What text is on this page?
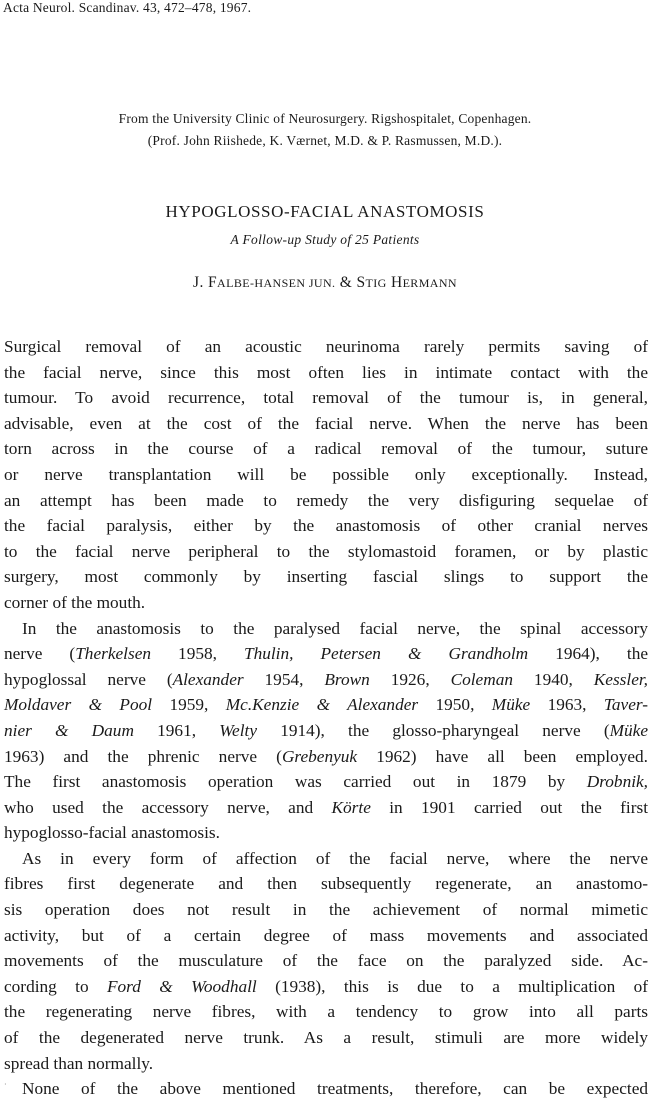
Acta Neurol. Scandinav. 43, 472–478, 1967.
From the University Clinic of Neurosurgery. Rigshospitalet, Copenhagen.
(Prof. John Riishede, K. Værnet, M.D. & P. Rasmussen, M.D.).
HYPOGLOSSO-FACIAL ANASTOMOSIS
A Follow-up Study of 25 Patients
J. FALBE-HANSEN JUN. & STIG HERMANN

Surgical removal of an acoustic neurinoma rarely permits saving of

the facial nerve, since this most often lies in intimate contact with the

tumour. To avoid recurrence, total removal of the tumour is, in general,

advisable, even at the cost of the facial nerve. When the nerve has been

torn across in the course of a radical removal of the tumour, suture

or nerve transplantation will be possible only exceptionally. Instead,

an attempt has been made to remedy the very disfiguring sequelae of

the facial paralysis, either by the anastomosis of other cranial nerves

to the facial nerve peripheral to the stylomastoid foramen, or by plastic

surgery, most commonly by inserting fascial slings to support the

corner of the mouth.

In the anastomosis to the paralysed facial nerve, the spinal accessory

nerve (Therkelsen 1958, Thulin, Petersen & Grandholm 1964), the

hypoglossal nerve (Alexander 1954, Brown 1926, Coleman 1940, Kessler,

Moldaver & Pool 1959, Mc.Kenzie & Alexander 1950, Müke 1963, Taver-

nier & Daum 1961, Welty 1914), the glosso-pharyngeal nerve (Müke

1963) and the phrenic nerve (Grebenyuk 1962) have all been employed.

The first anastomosis operation was carried out in 1879 by Drobnik,

who used the accessory nerve, and Körte in 1901 carried out the first

hypoglosso-facial anastomosis.

As in every form of affection of the facial nerve, where the nerve

fibres first degenerate and then subsequently regenerate, an anastomo-

sis operation does not result in the achievement of normal mimetic

activity, but of a certain degree of mass movements and associated

movements of the musculature of the face on the paralyzed side. Ac-

cording to Ford & Woodhall (1938), this is due to a multiplication of

the regenerating nerve fibres, with a tendency to grow into all parts

of the degenerated nerve trunk. As a result, stimuli are more widely

spread than normally.

None of the above mentioned treatments, therefore, can be expected

·
